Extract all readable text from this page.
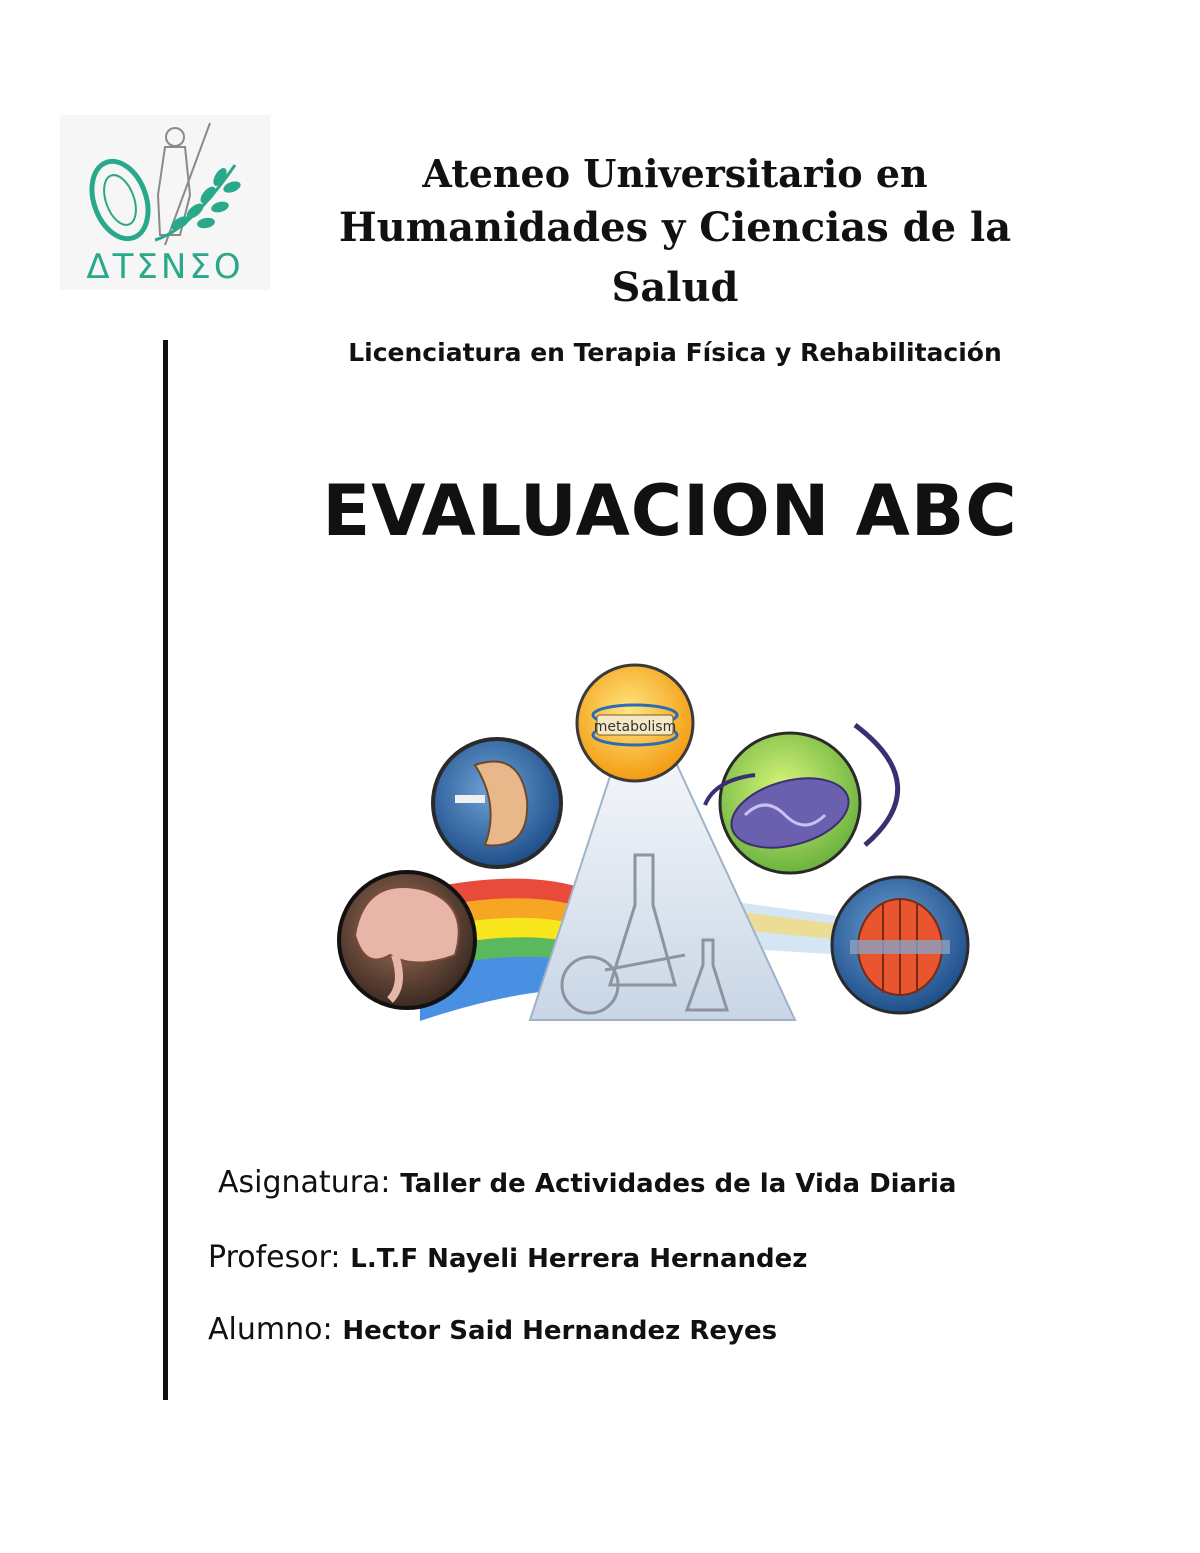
ΔΤΣΝΣΟ
Ateneo Universitario en
Humanidades y Ciencias de la Salud
Licenciatura en Terapia Física y Rehabilitación
EVALUACION ABC
metabolism
Asignatura: Taller de Actividades de la Vida Diaria
Profesor: L.T.F Nayeli Herrera Hernandez
Alumno: Hector Said Hernandez Reyes
